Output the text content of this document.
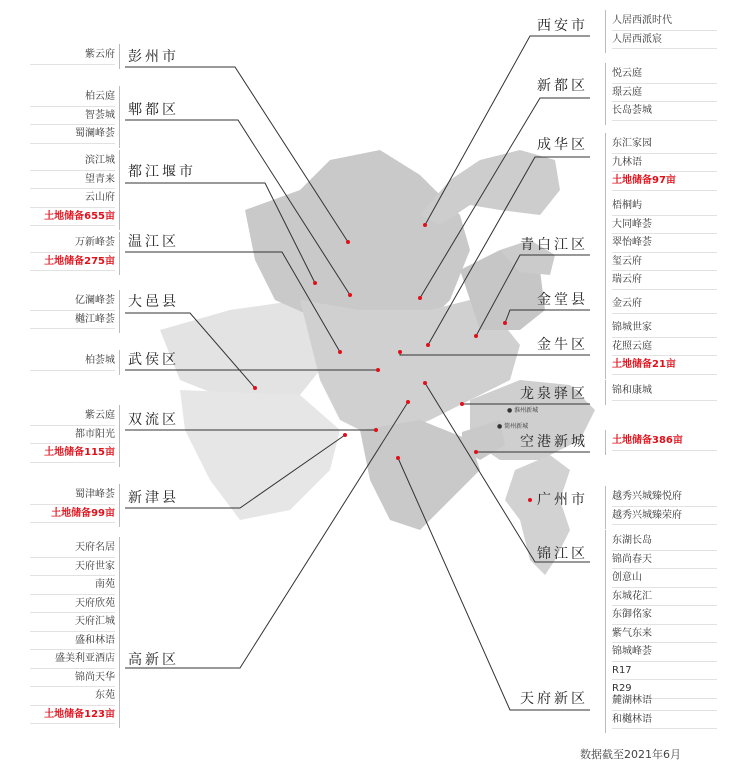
紫云府 彭州市
柏云庭
智荟城
蜀澜峰荟
郫都区
滨江城
望青来
云山府
土地储备655亩
都江堰市
万新峰荟
土地储备275亩
温江区
亿澜峰荟
樾江峰荟
大邑县
柏荟城 武侯区
紫云庭
都市阳光
土地储备115亩
双流区
蜀津峰荟
土地储备99亩
新津县
天府名居
天府世家
南苑
天府欣苑
天府汇城
盛和林语
盛美利亚酒店
锦尚天华
东苑
土地储备123亩
高新区
人居西派时代
人居西派宸
西安市
悦云庭
璟云庭
长岛荟城
新都区
东汇家园
九林语
土地储备97亩
成华区
梧桐屿
大同峰荟
翠怡峰荟
玺云府
瑞云府
青白江区
金云府
金堂县
锦城世家
花照云庭
土地储备21亩
金牛区
锦和康城
龙泉驿区
土地储备386亩
空港新城
越秀兴城臻悦府
越秀兴城臻荣府
广州市
东湖长岛
锦尚春天
创意山
东城花汇
东御佲家
紫气东来
锦城峰荟
R17
R29
锦江区
麓湖林语
和樾林语
天府新区
● 淮州新城
● 简州新城
数据截至2021年6月
